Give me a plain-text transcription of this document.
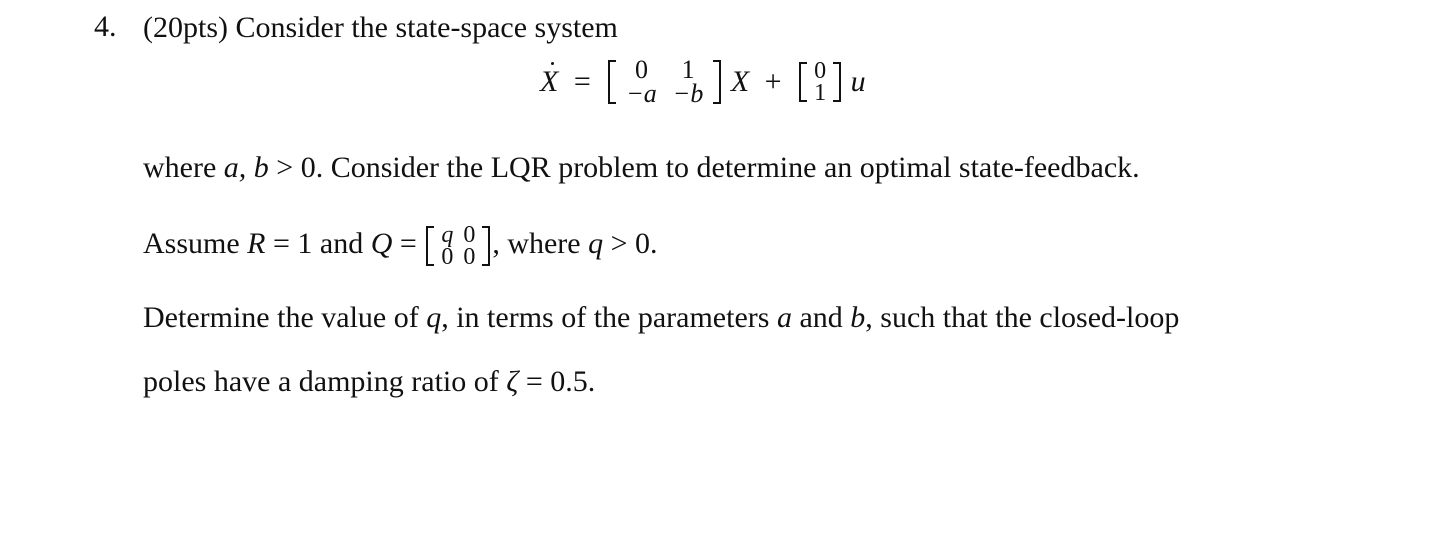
4. (20pts) Consider the state-space system
X = 0	1
−a	−b X + 0
1 u
where a, b > 0. Consider the LQR problem to determine an optimal state-feedback.
Assume R = 1 and Q = q	0
0	0 , where q > 0.
Determine the value of q, in terms of the parameters a and b, such that the closed-loop
poles have a damping ratio of ζ = 0.5.
